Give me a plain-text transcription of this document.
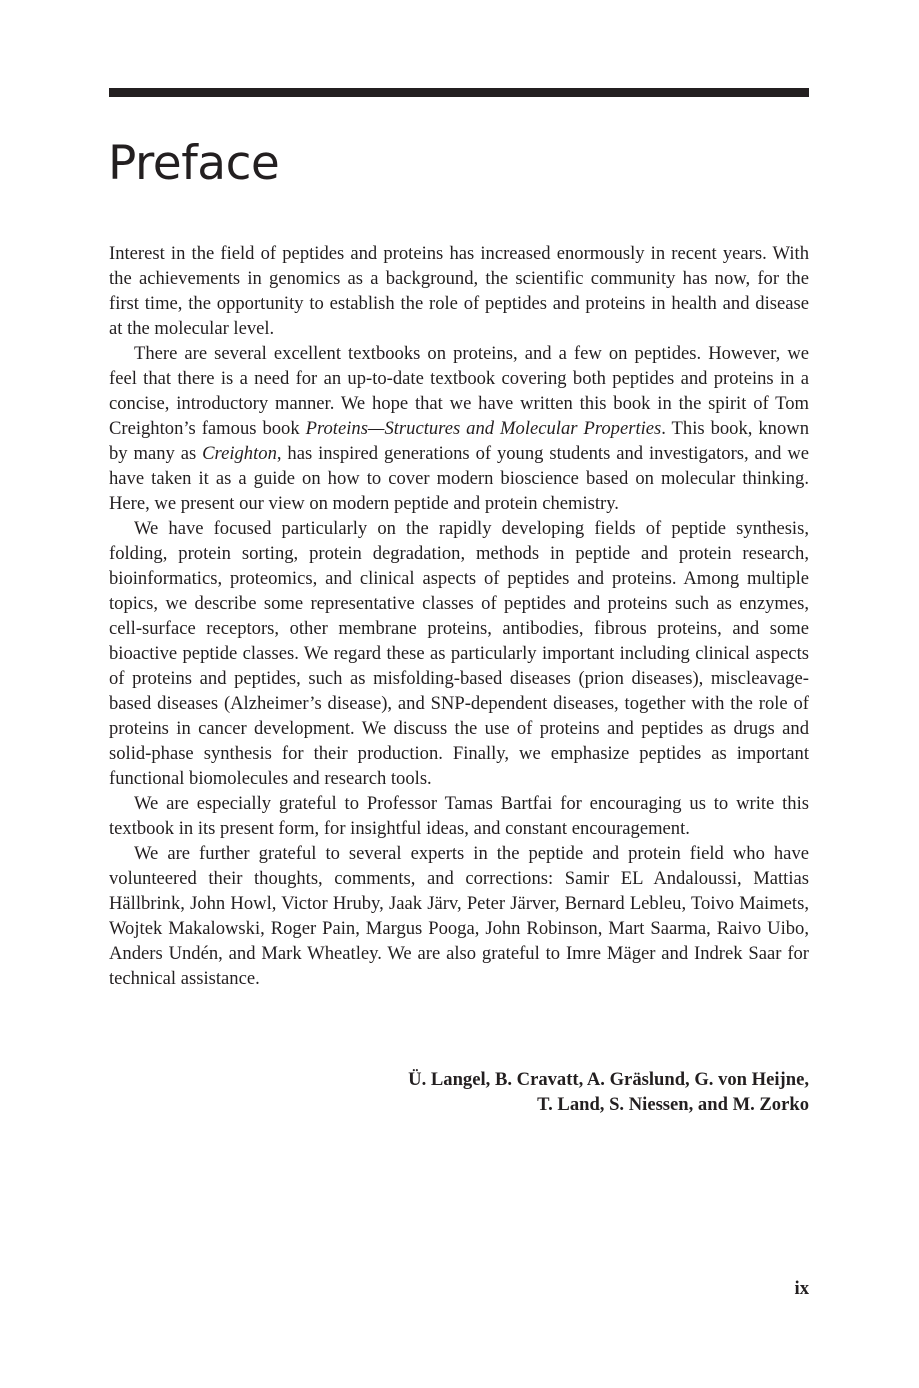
Preface

Interest in the field of peptides and proteins has increased enormously in recent years. With the achievements in genomics as a background, the scientific community has now, for the first time, the opportunity to establish the role of peptides and proteins in health and disease at the molecular level.

There are several excellent textbooks on proteins, and a few on peptides. However, we feel that there is a need for an up-to-date textbook covering both peptides and proteins in a concise, introductory manner. We hope that we have written this book in the spirit of Tom Creighton’s famous book Proteins—Structures and Molecular Properties. This book, known by many as Creighton, has inspired generations of young students and investigators, and we have taken it as a guide on how to cover modern bioscience based on molecular thinking. Here, we present our view on modern peptide and protein chemistry.

We have focused particularly on the rapidly developing fields of peptide synthesis, folding, protein sorting, protein degradation, methods in peptide and protein research, bioinformatics, proteomics, and clinical aspects of peptides and proteins. Among multiple topics, we describe some representative classes of peptides and proteins such as enzymes, cell-surface receptors, other membrane proteins, antibodies, fibrous proteins, and some bioactive peptide classes. We regard these as particularly important including clinical aspects of proteins and peptides, such as misfolding-based diseases (prion diseases), miscleavage-based diseases (Alzheimer’s disease), and SNP-dependent diseases, together with the role of proteins in cancer development. We discuss the use of proteins and peptides as drugs and solid-phase synthesis for their production. Finally, we emphasize peptides as important functional biomolecules and research tools.

We are especially grateful to Professor Tamas Bartfai for encouraging us to write this textbook in its present form, for insightful ideas, and constant encouragement.

We are further grateful to several experts in the peptide and protein field who have volunteered their thoughts, comments, and corrections: Samir EL Andaloussi, Mattias Hällbrink, John Howl, Victor Hruby, Jaak Järv, Peter Järver, Bernard Lebleu, Toivo Maimets, Wojtek Makalowski, Roger Pain, Margus Pooga, John Robinson, Mart Saarma, Raivo Uibo, Anders Undén, and Mark Wheatley. We are also grateful to Imre Mäger and Indrek Saar for technical assistance.

Ü. Langel, B. Cravatt, A. Gräslund, G. von Heijne,
T. Land, S. Niessen, and M. Zorko
ix
